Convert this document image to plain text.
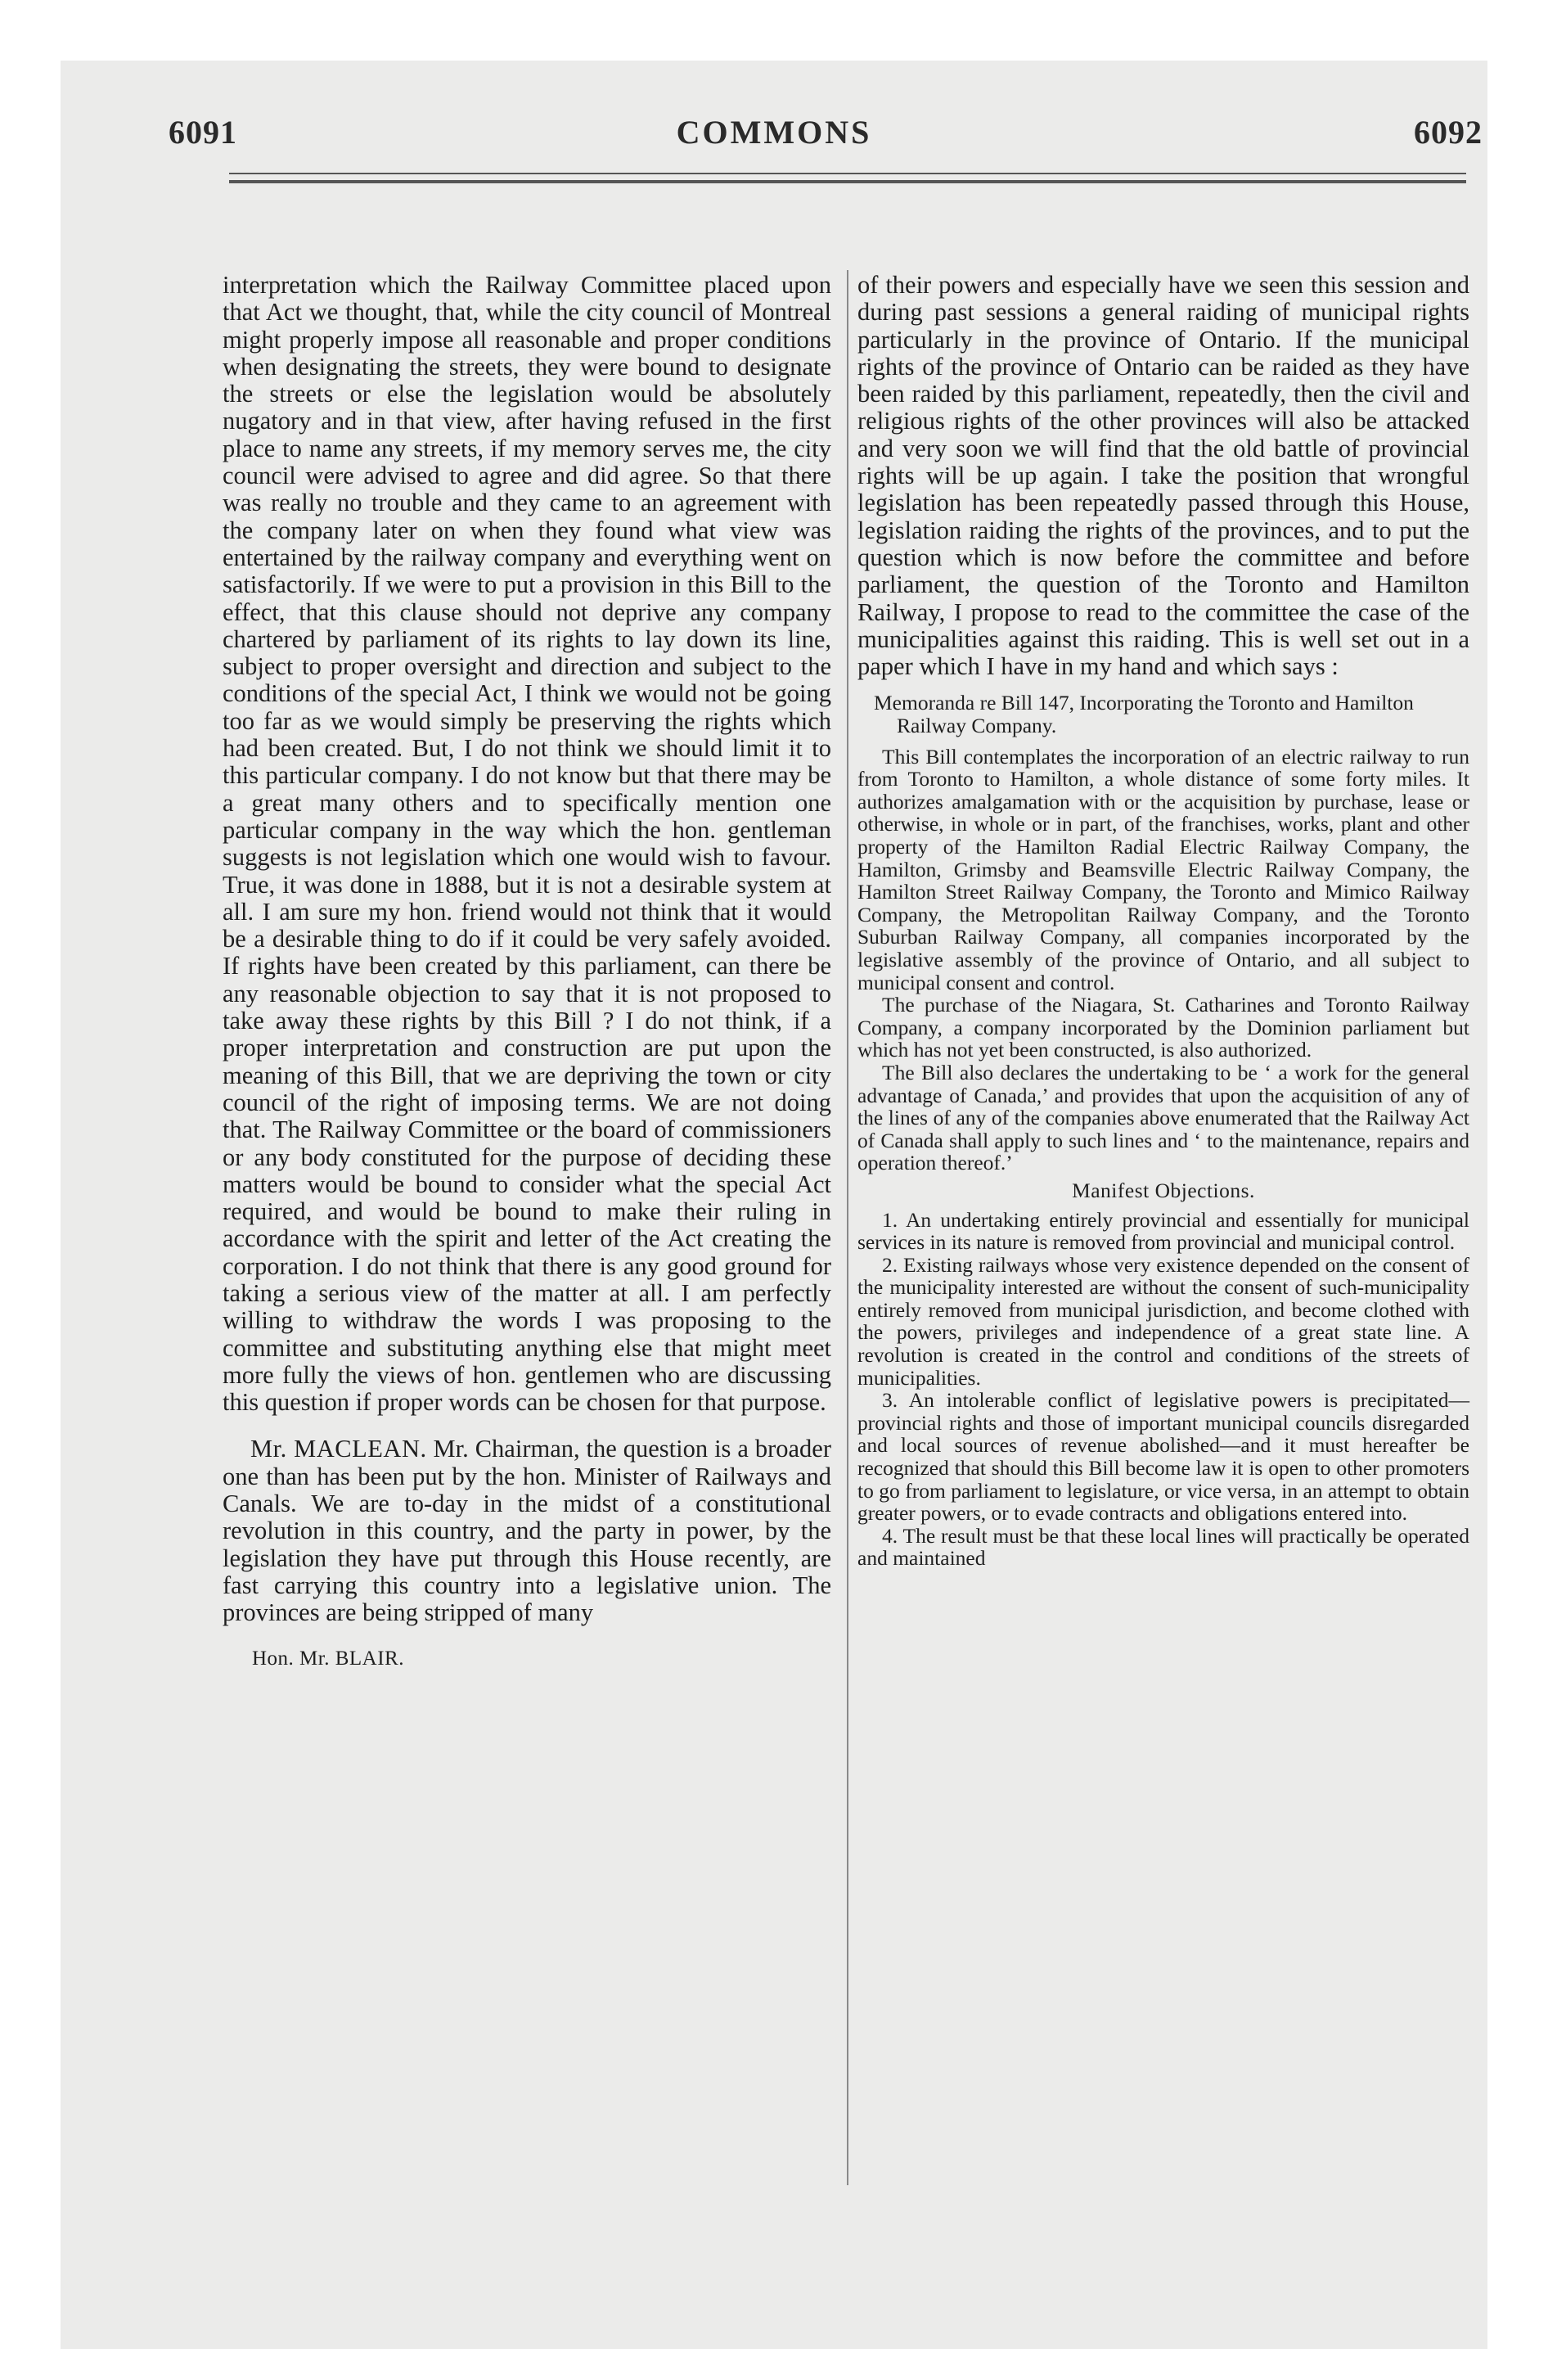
6091	COMMONS	6092

interpretation which the Railway Committee placed upon that Act we thought, that, while the city council of Montreal might properly impose all reasonable and proper conditions when designating the streets, they were bound to designate the streets or else the legislation would be absolutely nugatory and in that view, after having refused in the first place to name any streets, if my memory serves me, the city council were advised to agree and did agree. So that there was really no trouble and they came to an agreement with the company later on when they found what view was entertained by the railway company and everything went on satisfactorily. If we were to put a provision in this Bill to the effect, that this clause should not deprive any company chartered by parliament of its rights to lay down its line, subject to proper oversight and direction and subject to the conditions of the special Act, I think we would not be going too far as we would simply be preserving the rights which had been created. But, I do not think we should limit it to this particular company. I do not know but that there may be a great many others and to specifically mention one particular company in the way which the hon. gentleman suggests is not legislation which one would wish to favour. True, it was done in 1888, but it is not a desirable system at all. I am sure my hon. friend would not think that it would be a desirable thing to do if it could be very safely avoided. If rights have been created by this parliament, can there be any reasonable objection to say that it is not proposed to take away these rights by this Bill ? I do not think, if a proper interpretation and construction are put upon the meaning of this Bill, that we are depriving the town or city council of the right of imposing terms. We are not doing that. The Railway Committee or the board of commissioners or any body constituted for the purpose of deciding these matters would be bound to consider what the special Act required, and would be bound to make their ruling in accordance with the spirit and letter of the Act creating the corporation. I do not think that there is any good ground for taking a serious view of the matter at all. I am perfectly willing to withdraw the words I was proposing to the committee and substituting anything else that might meet more fully the views of hon. gentlemen who are discussing this question if proper words can be chosen for that purpose.

Mr. MACLEAN. Mr. Chairman, the question is a broader one than has been put by the hon. Minister of Railways and Canals. We are to-day in the midst of a constitutional revolution in this country, and the party in power, by the legislation they have put through this House recently, are fast carrying this country into a legislative union. The provinces are being stripped of many

Hon. Mr. BLAIR.

of their powers and especially have we seen this session and during past sessions a general raiding of municipal rights particularly in the province of Ontario. If the municipal rights of the province of Ontario can be raided as they have been raided by this parliament, repeatedly, then the civil and religious rights of the other provinces will also be attacked and very soon we will find that the old battle of provincial rights will be up again. I take the position that wrongful legislation has been repeatedly passed through this House, legislation raiding the rights of the provinces, and to put the question which is now before the committee and before parliament, the question of the Toronto and Hamilton Railway, I propose to read to the committee the case of the municipalities against this raiding. This is well set out in a paper which I have in my hand and which says :

Memoranda re Bill 147, Incorporating the Toronto and Hamilton Railway Company.

This Bill contemplates the incorporation of an electric railway to run from Toronto to Hamilton, a whole distance of some forty miles. It authorizes amalgamation with or the acquisition by purchase, lease or otherwise, in whole or in part, of the franchises, works, plant and other property of the Hamilton Radial Electric Railway Company, the Hamilton, Grimsby and Beamsville Electric Railway Company, the Hamilton Street Railway Company, the Toronto and Mimico Railway Company, the Metropolitan Railway Company, and the Toronto Suburban Railway Company, all companies incorporated by the legislative assembly of the province of Ontario, and all subject to municipal consent and control.

The purchase of the Niagara, St. Catharines and Toronto Railway Company, a company incorporated by the Dominion parliament but which has not yet been constructed, is also authorized.

The Bill also declares the undertaking to be ‘ a work for the general advantage of Canada,’ and provides that upon the acquisition of any of the lines of any of the companies above enumerated that the Railway Act of Canada shall apply to such lines and ‘ to the maintenance, repairs and operation thereof.’

Manifest Objections.

1. An undertaking entirely provincial and essentially for municipal services in its nature is removed from provincial and municipal control.

2. Existing railways whose very existence depended on the consent of the municipality interested are without the consent of such-municipality entirely removed from municipal jurisdiction, and become clothed with the powers, privileges and independence of a great state line. A revolution is created in the control and conditions of the streets of municipalities.

3. An intolerable conflict of legislative powers is precipitated—provincial rights and those of important municipal councils disregarded and local sources of revenue abolished—and it must hereafter be recognized that should this Bill become law it is open to other promoters to go from parliament to legislature, or vice versa, in an attempt to obtain greater powers, or to evade contracts and obligations entered into.

4. The result must be that these local lines will practically be operated and maintained
